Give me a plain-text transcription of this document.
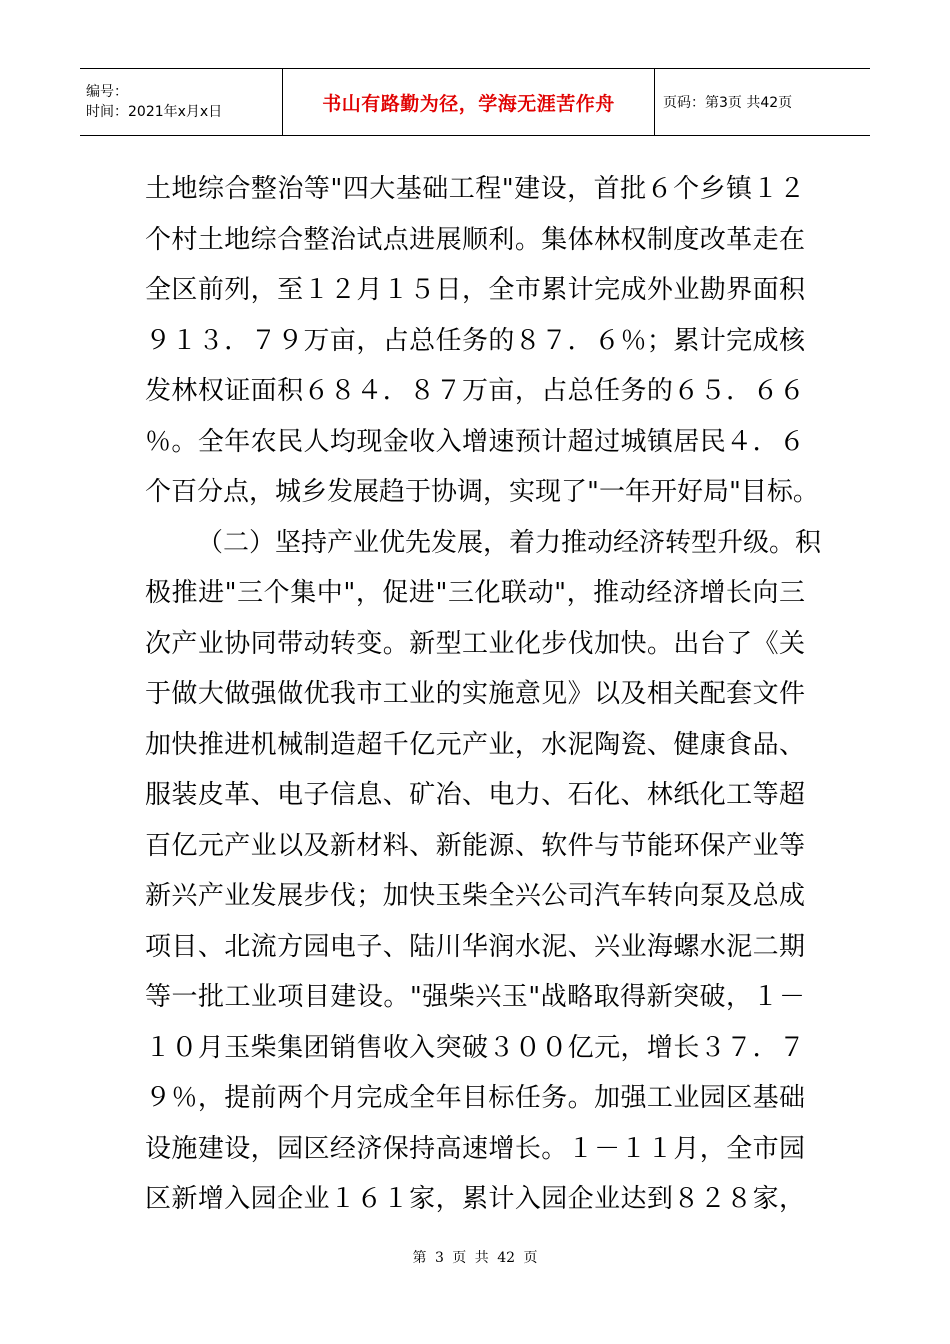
编号：
时间：2021年x月x日	书山有路勤为径，学海无涯苦作舟	页码：第3页 共42页
土地综合整治等"四大基础工程"建设，首批６个乡镇１２
个村土地综合整治试点进展顺利。集体林权制度改革走在
全区前列，至１２月１５日，全市累计完成外业勘界面积
９１３．７９万亩，占总任务的８７．６％；累计完成核
发林权证面积６８４．８７万亩，占总任务的６５．６６
％。全年农民人均现金收入增速预计超过城镇居民４．６
个百分点，城乡发展趋于协调，实现了"一年开好局"目标。
（二）坚持产业优先发展，着力推动经济转型升级。积
极推进"三个集中"，促进"三化联动"，推动经济增长向三
次产业协同带动转变。新型工业化步伐加快。出台了《关
于做大做强做优我市工业的实施意见》以及相关配套文件
加快推进机械制造超千亿元产业，水泥陶瓷、健康食品、
服装皮革、电子信息、矿冶、电力、石化、林纸化工等超
百亿元产业以及新材料、新能源、软件与节能环保产业等
新兴产业发展步伐；加快玉柴全兴公司汽车转向泵及总成
项目、北流方园电子、陆川华润水泥、兴业海螺水泥二期
等一批工业项目建设。"强柴兴玉"战略取得新突破，１－
１０月玉柴集团销售收入突破３００亿元，增长３７．７
９％，提前两个月完成全年目标任务。加强工业园区基础
设施建设，园区经济保持高速增长。１－１１月，全市园
区新增入园企业１６１家，累计入园企业达到８２８家，
第 3 页 共 42 页
